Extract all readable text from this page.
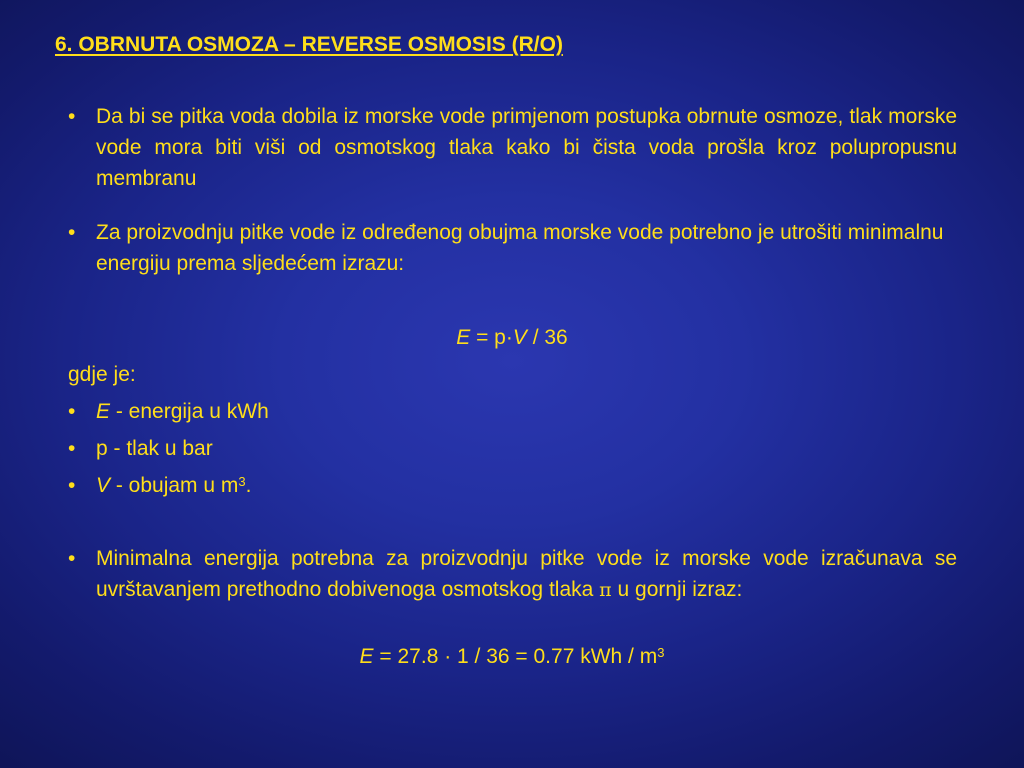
6. OBRNUTA OSMOZA – REVERSE OSMOSIS (R/O)
• Da bi se pitka voda dobila iz morske vode primjenom postupka obrnute osmoze, tlak morske vode mora biti viši od osmotskog tlaka kako bi čista voda prošla kroz polupropusnu membranu
• Za proizvodnju pitke vode iz određenog obujma morske vode potrebno je utrošiti minimalnu energiju prema sljedećem izrazu:
E = p·V / 36
gdje je:
• E - energija u kWh
• p - tlak u bar
• V - obujam u $m^3$.
• Minimalna energija potrebna za proizvodnju pitke vode iz morske vode izračunava se uvrštavanjem prethodno dobivenoga osmotskog tlaka π u gornji izraz:
E = 27.8 · 1 / 36 = 0.77 kWh / $m^3$
